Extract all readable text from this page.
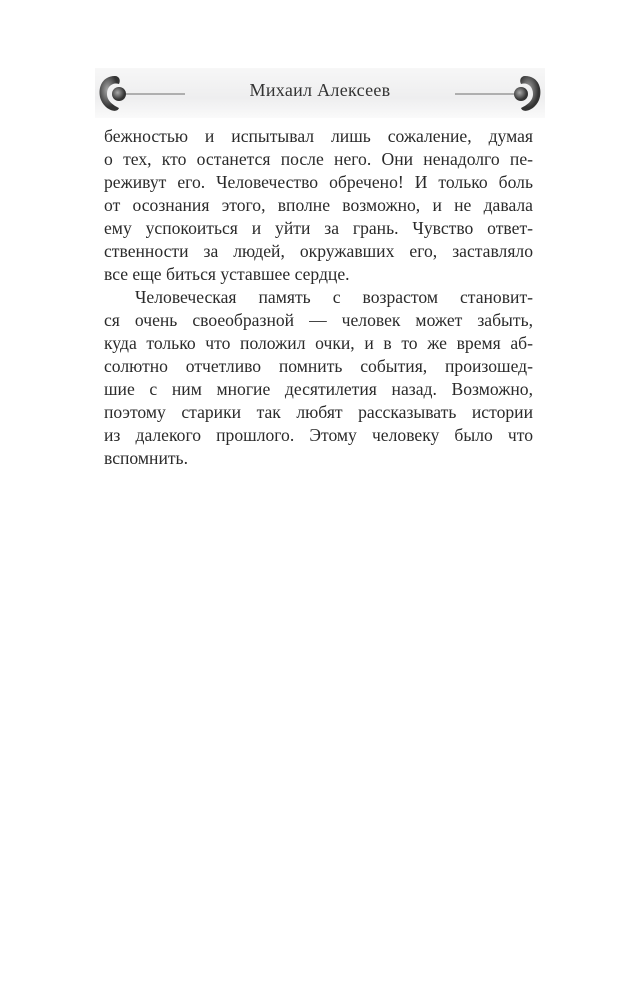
Михаил Алексеев
бежностью и испытывал лишь сожаление, думая
о тех, кто останется после него. Они ненадолго пе-
реживут его. Человечество обречено! И только боль
от осознания этого, вполне возможно, и не давала
ему успокоиться и уйти за грань. Чувство ответ-
ственности за людей, окружавших его, заставляло
все еще биться уставшее сердце.
Человеческая память с возрастом становит-
ся очень своеобразной — человек может забыть,
куда только что положил очки, и в то же время аб-
солютно отчетливо помнить события, произошед-
шие с ним многие десятилетия назад. Возможно,
поэтому старики так любят рассказывать истории
из далекого прошлого. Этому человеку было что
вспомнить.
